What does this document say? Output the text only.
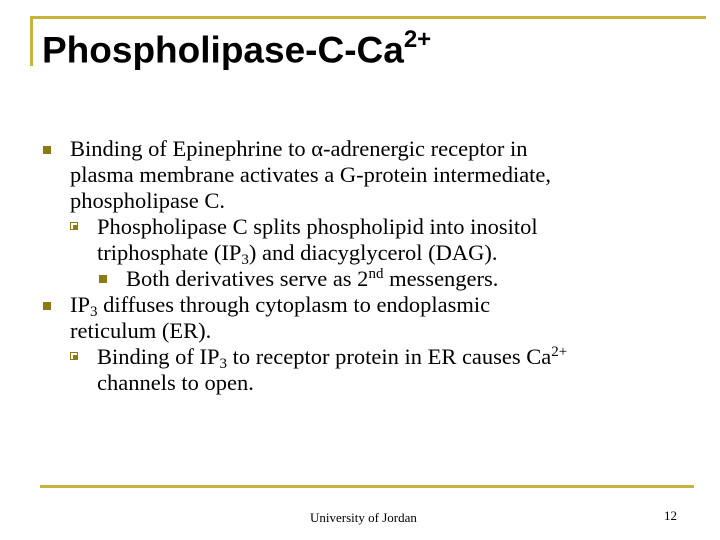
Phospholipase-$C-Ca^{2+}$
Binding of Epinephrine to α-adrenergic receptor in
plasma membrane activates a G-protein intermediate,
phospholipase C.
Phospholipase C splits phospholipid into inositol
triphosphate $(IP_3)$ and diacyglycerol (DAG).
Both derivatives serve as 2nd messengers.
$IP_3$ diffuses through cytoplasm to endoplasmic
reticulum (ER).
Binding of $IP_3$ to receptor protein in ER causes $Ca^{2+}$
channels to open.
University of Jordan	12
